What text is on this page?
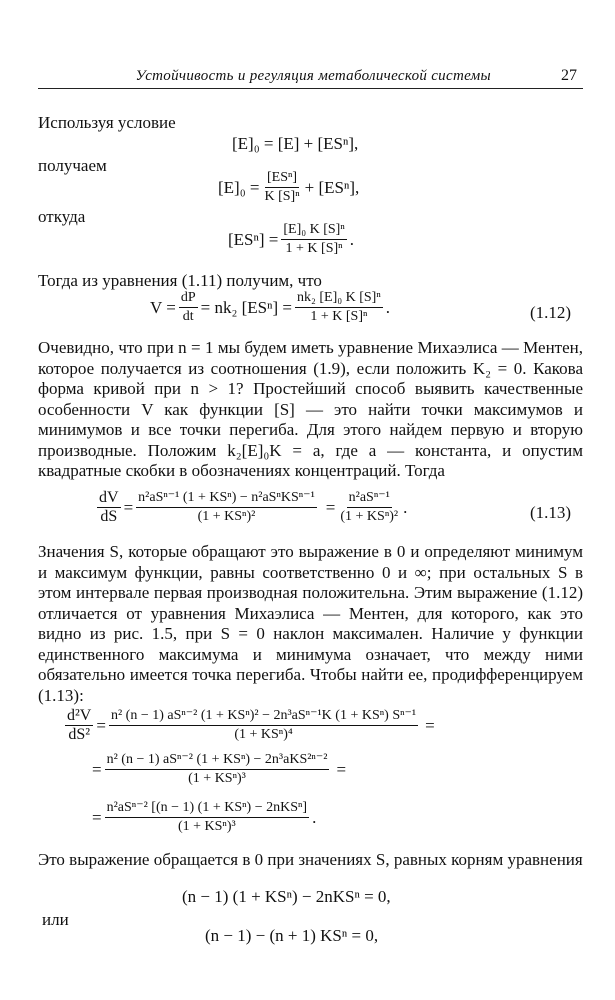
Устойчивость и регуляция метаболической системы	27
Используя условие
[E]₀ = [E] + [ESⁿ],
получаем
$[E]_0 = \frac{\text{[ESⁿ]}}{\text{K [S]ⁿ}} + [ES^n]$,
откуда
$[ES^n] = \frac{\text{[E]₀ K [S]ⁿ}}{\text{1 + K [S]ⁿ}}$ .
Тогда из уравнения (1.11) получим, что
$V = \frac{dP}{dt} = nk_2$ $[ES^n] = \frac{\text{nk₂ [E]₀ K [S]ⁿ}}{\text{1 + K [S]ⁿ}}$ .	(1.12)
Очевидно, что при n = 1 мы будем иметь уравнение Михаэлиса — Ментен, которое получается из соотношения (1.9), если положить K₂ = 0. Какова форма кривой при n > 1? Простейший способ выявить качественные особенности V как функции [S] — это найти точки максимумов и минимумов и все точки перегиба. Для этого найдем первую и вторую производные. Положим k₂[E]₀K = a, где a — константа, и опустим квадратные скобки в обозначениях концентраций. Тогда
$\frac{dV}{dS} = \frac{\text{n²aSⁿ⁻¹ (1 + KSⁿ) − n²aSⁿKSⁿ⁻¹}}{\text{(1 + KSⁿ)²}} = \frac{\text{n²aSⁿ⁻¹}}{\text{(1 + KSⁿ)²}}$ .	(1.13)
Значения S, которые обращают это выражение в 0 и определяют минимум и максимум функции, равны соответственно 0 и ∞; при остальных S в этом интервале первая производная положительна. Этим выражение (1.12) отличается от уравнения Михаэлиса — Ментен, для которого, как это видно из рис. 1.5, при S = 0 наклон максимален. Наличие у функции единственного максимума и минимума означает, что между ними обязательно имеется точка перегиба. Чтобы найти ее, продифференцируем (1.13):
$\frac{\text{d²V}}{\text{dS²}} = \frac{\text{n² (n − 1) aSⁿ⁻² (1 + KSⁿ)² − 2n³aSⁿ⁻¹K (1 + KSⁿ) Sⁿ⁻¹}}{\text{(1 + KSⁿ)⁴}}$ =
= $\frac{\text{n² (n − 1) aSⁿ⁻² (1 + KSⁿ) − 2n³aKS²ⁿ⁻²}}{\text{(1 + KSⁿ)³}}$ =
= $\frac{\text{n²aSⁿ⁻² [(n − 1) (1 + KSⁿ) − 2nKSⁿ]}}{\text{(1 + KSⁿ)³}}$ .
Это выражение обращается в 0 при значениях S, равных корням уравнения
(n − 1) (1 + KSⁿ) − 2nKSⁿ = 0,
или
(n − 1) − (n + 1) KSⁿ = 0,
